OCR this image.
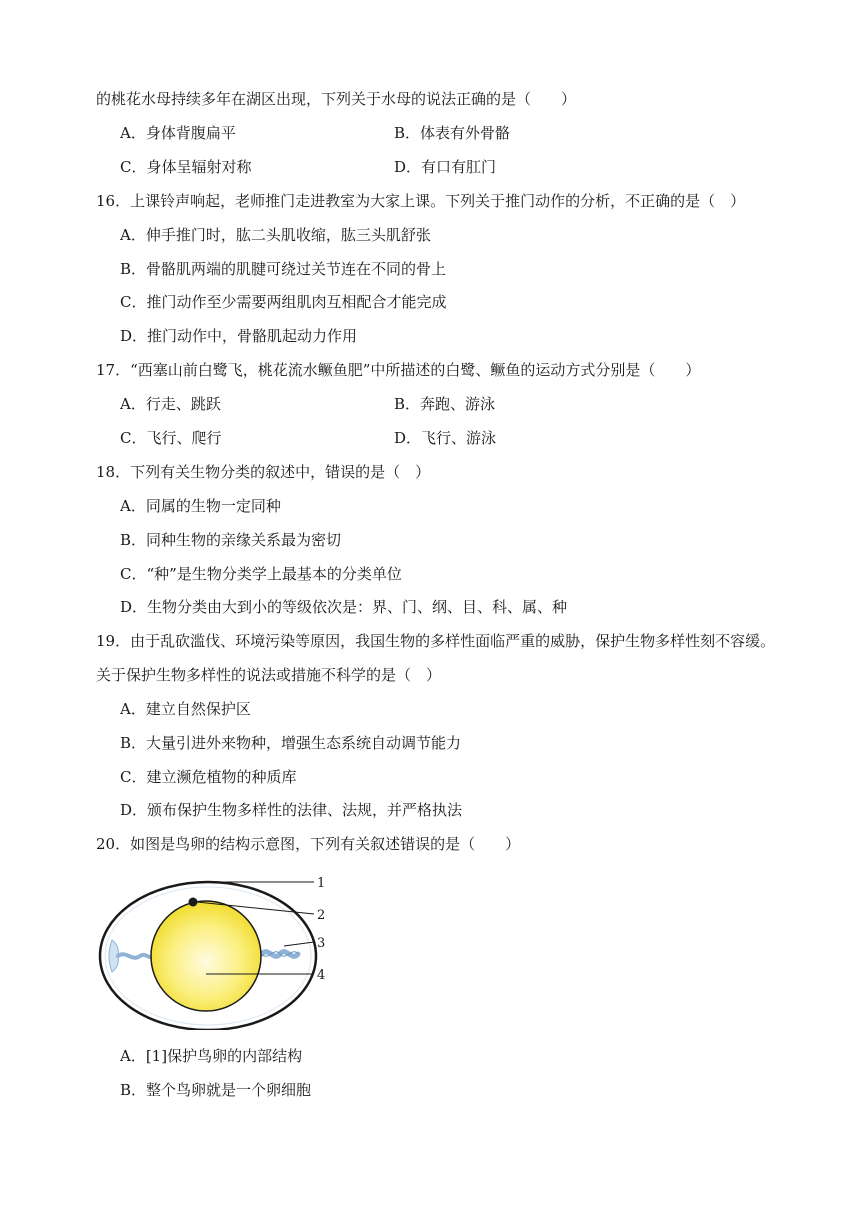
的桃花水母持续多年在湖区出现，下列关于水母的说法正确的是（　　）
A．身体背腹扁平	B．体表有外骨骼
C．身体呈辐射对称	D．有口有肛门
16．上课铃声响起，老师推门走进教室为大家上课。下列关于推门动作的分析，不正确的是（　）
A．伸手推门时，肱二头肌收缩，肱三头肌舒张
B．骨骼肌两端的肌腱可绕过关节连在不同的骨上
C．推门动作至少需要两组肌肉互相配合才能完成
D．推门动作中，骨骼肌起动力作用
17．“西塞山前白鹭飞，桃花流水鳜鱼肥”中所描述的白鹭、鳜鱼的运动方式分别是（　　）
A．行走、跳跃	B．奔跑、游泳
C．飞行、爬行	D．飞行、游泳
18．下列有关生物分类的叙述中，错误的是（　）
A．同属的生物一定同种
B．同种生物的亲缘关系最为密切
C．“种”是生物分类学上最基本的分类单位
D．生物分类由大到小的等级依次是：界、门、纲、目、科、属、种
19．由于乱砍滥伐、环境污染等原因，我国生物的多样性面临严重的威胁，保护生物多样性刻不容缓。
关于保护生物多样性的说法或措施不科学的是（　）
A．建立自然保护区
B．大量引进外来物种，增强生态系统自动调节能力
C．建立濒危植物的种质库
D．颁布保护生物多样性的法律、法规，并严格执法
20．如图是鸟卵的结构示意图，下列有关叙述错误的是（　　）
1
2
3
4
A．[1]保护鸟卵的内部结构
B．整个鸟卵就是一个卵细胞
